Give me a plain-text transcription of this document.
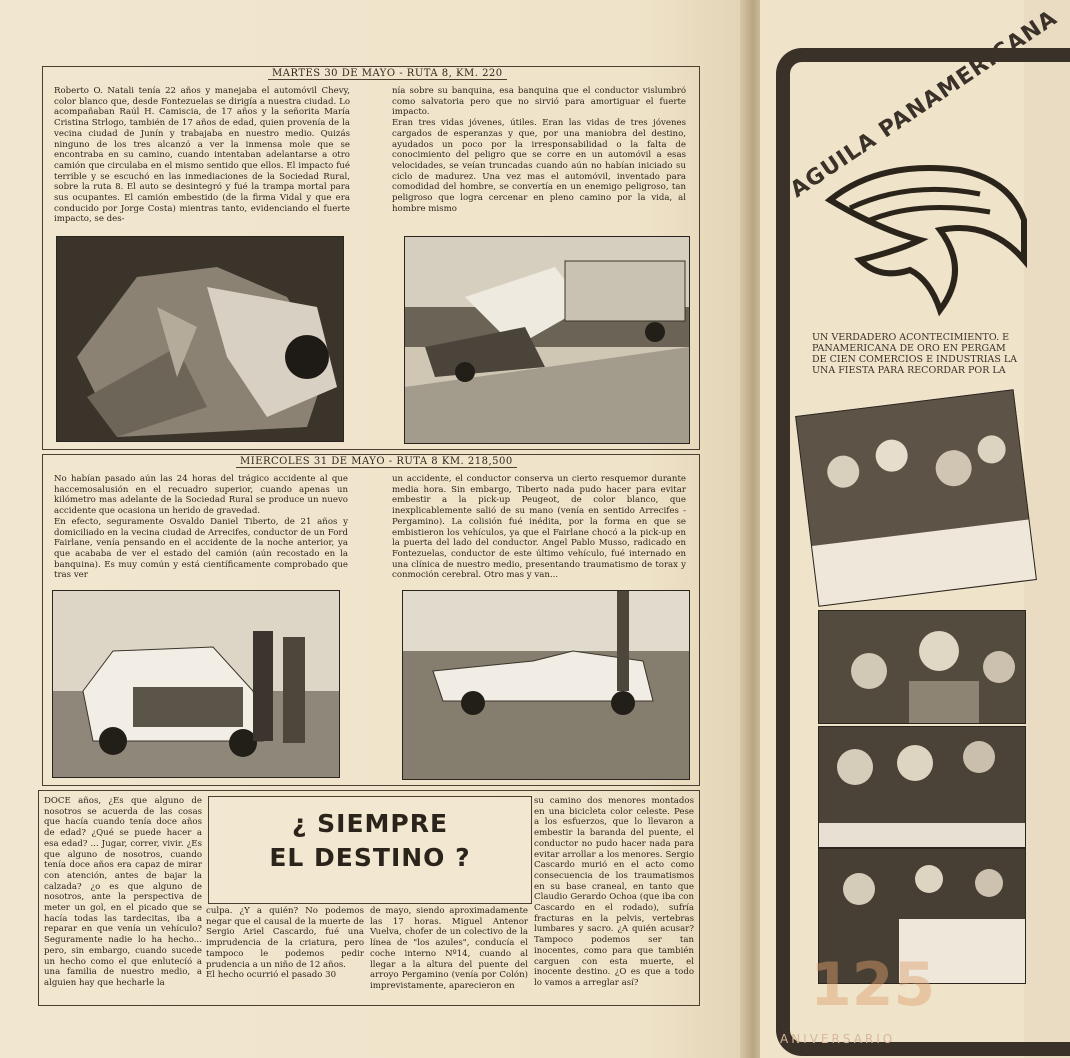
MARTES 30 DE MAYO - RUTA 8, KM. 220
Roberto O. Natali tenía 22 años y manejaba el automóvil Chevy, color blanco que, desde Fontezuelas se dirigía a nuestra ciudad. Lo acompañaban Raúl H. Camiscia, de 17 años y la señorita María Cristina Strlogo, también de 17 años de edad, quien provenía de la vecina ciudad de Junín y trabajaba en nuestro medio. Quizás ninguno de los tres alcanzó a ver la inmensa mole que se encontraba en su camino, cuando intentaban adelantarse a otro camión que circulaba en el mismo sentido que ellos. El impacto fué terrible y se escuchó en las inmediaciones de la Sociedad Rural, sobre la ruta 8. El auto se desintegró y fué la trampa mortal para sus ocupantes. El camión embestido (de la firma Vidal y que era conducido por Jorge Costa) mientras tanto, evidenciando el fuerte impacto, se des-
nía sobre su banquina, esa banquina que el conductor vislumbró como salvatoria pero que no sirvió para amortiguar el fuerte impacto.
Eran tres vidas jóvenes, útiles. Eran las vidas de tres jóvenes cargados de esperanzas y que, por una maniobra del destino, ayudados un poco por la irresponsabilidad o la falta de conocimiento del peligro que se corre en un automóvil a esas velocidades, se veían truncadas cuando aún no habían iniciado su ciclo de madurez. Una vez mas el automóvil, inventado para comodidad del hombre, se convertía en un enemigo peligroso, tan peligroso que logra cercenar en pleno camino por la vida, al hombre mismo
MIERCOLES 31 DE MAYO - RUTA 8 KM. 218,500
No habían pasado aún las 24 horas del trágico accidente al que haccemosalusión en el recuadro superior, cuando apenas un kilómetro mas adelante de la Sociedad Rural se produce un nuevo accidente que ocasiona un herido de gravedad.
En efecto, seguramente Osvaldo Daniel Tiberto, de 21 años y domiciliado en la vecina ciudad de Arrecifes, conductor de un Ford Fairlane, venía pensando en el accidente de la noche anterior, ya que acababa de ver el estado del camión (aún recostado en la banquina). Es muy común y está científicamente comprobado que tras ver
un accidente, el conductor conserva un cierto resquemor durante media hora. Sin embargo, Tiberto nada pudo hacer para evitar embestir a la pick-up Peugeot, de color blanco, que inexplicablemente salió de su mano (venía en sentido Arrecifes - Pergamino). La colisión fué inédita, por la forma en que se embistieron los vehículos, ya que el Fairlane chocó a la pick-up en la puerta del lado del conductor. Angel Pablo Musso, radicado en Fontezuelas, conductor de este último vehículo, fué internado en una clínica de nuestro medio, presentando traumatismo de torax y conmoción cerebral. Otro mas y van...
DOCE años, ¿Es que alguno de nosotros se acuerda de las cosas que hacía cuando tenía doce años de edad? ¿Qué se puede hacer a esa edad? ... Jugar, correr, vivir. ¿Es que alguno de nosotros, cuando tenía doce años era capaz de mirar con atención, antes de bajar la calzada? ¿o es que alguno de nosotros, ante la perspectiva de meter un gol, en el picado que se hacía todas las tardecitas, iba a reparar en que venía un vehículo? Seguramente nadie lo ha hecho... pero, sin embargo, cuando sucede un hecho como el que enlutecíó a una familia de nuestro medio, a alguien hay que hecharle la
¿ SIEMPRE
EL DESTINO ?
culpa. ¿Y a quién? No podemos negar que el causal de la muerte de Sergio Ariel Cascardo, fué una imprudencia de la criatura, pero tampoco le podemos pedir prudencia a un niño de 12 años.
El hecho ocurrió el pasado 30
de mayo, siendo aproximadamente las 17 horas. Miguel Antenor Vuelva, chofer de un colectivo de la línea de "los azules", conducía el coche interno Nº14, cuando al llegar a la altura del puente del arroyo Pergamino (venía por Colón) imprevistamente, aparecieron en
su camino dos menores montados en una bicicleta color celeste. Pese a los esfuerzos, que lo llevaron a embestir la baranda del puente, el conductor no pudo hacer nada para evitar arrollar a los menores. Sergio Cascardo murió en el acto como consecuencia de los traumatismos en su base craneal, en tanto que Claudio Gerardo Ochoa (que iba con Cascardo en el rodado), sufría fracturas en la pelvis, vertebras lumbares y sacro. ¿A quién acusar? Tampoco podemos ser tan inocentes, como para que también carguen con esta muerte, el inocente destino. ¿O es que a todo lo vamos a arreglar así?
AGUILA PANAMERICANA
UN VERDADERO ACONTECIMIENTO. E
PANAMERICANA DE ORO EN PERGAM
DE CIEN COMERCIOS E INDUSTRIAS LA
UNA FIESTA PARA RECORDAR POR LA
125
ANIVERSARIO
